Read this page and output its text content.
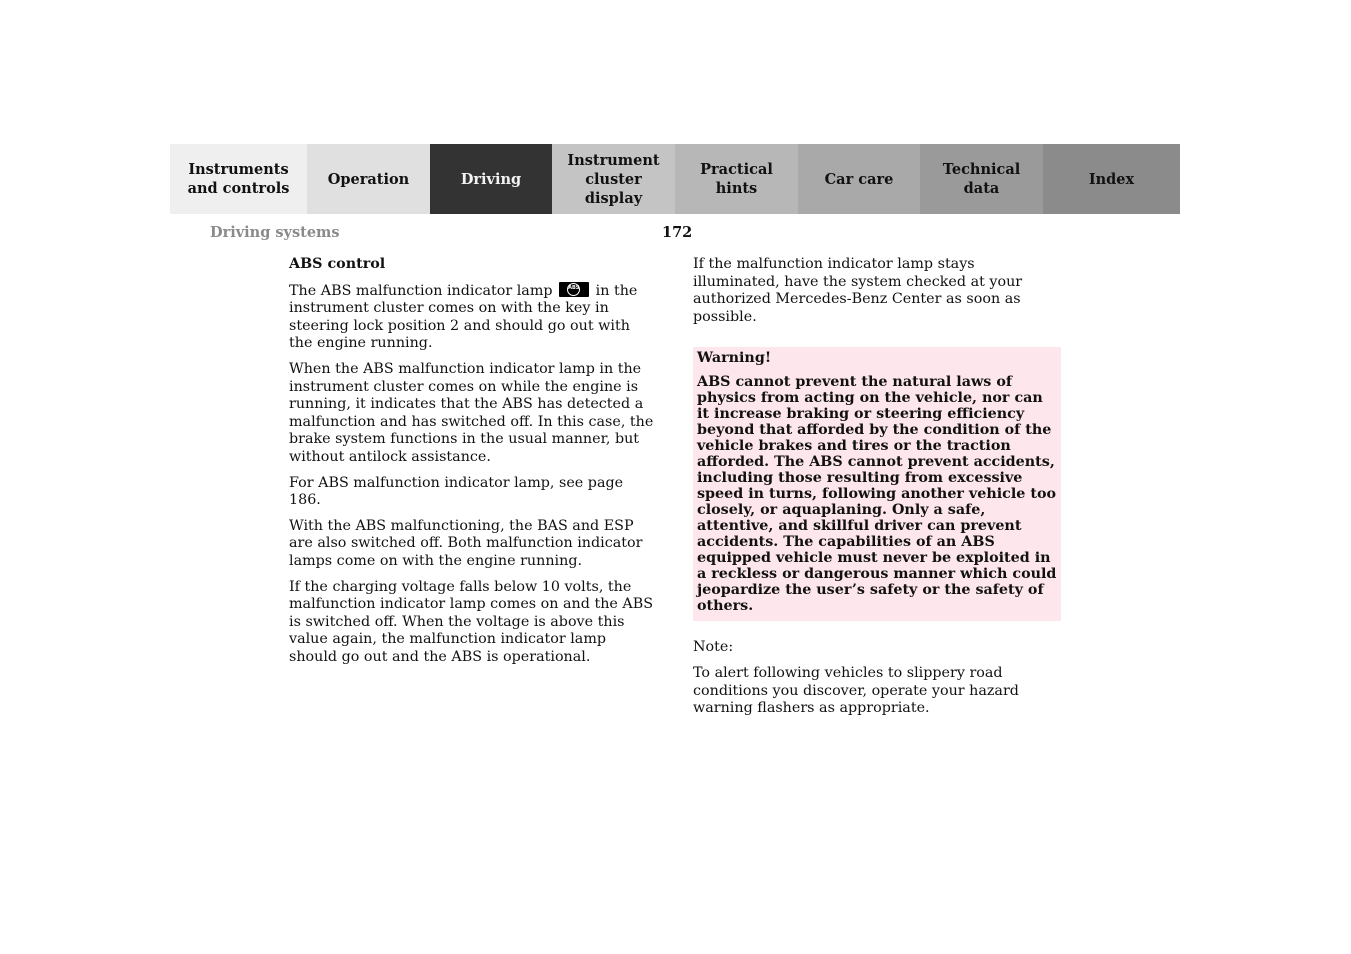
Instruments
and controls
Operation	Driving
Instrument
cluster display
Practical hints
Car care
Technical
data
Index
Driving systems	172
ABS control

The ABS malfunction indicator lamp ABS	in the instrument cluster comes on with the key in steering lock position 2 and should go out with the engine running.

When the ABS malfunction indicator lamp in the instrument cluster comes on while the engine is running, it indicates that the ABS has detected a malfunction and has switched off. In this case, the brake system functions in the usual manner, but without antilock assistance.

For ABS malfunction indicator lamp, see page 186.

With the ABS malfunctioning, the BAS and ESP are also switched off. Both malfunction indicator lamps come on with the engine running.

If the charging voltage falls below 10 volts, the malfunction indicator lamp comes on and the ABS is switched off. When the voltage is above this value again, the malfunction indicator lamp should go out and the ABS is operational.

If the malfunction indicator lamp stays illuminated, have the system checked at your authorized Mercedes-Benz Center as soon as possible.

Warning!
ABS cannot prevent the natural laws of physics from acting on the vehicle, nor can it increase braking or steering efficiency beyond that afforded by the condition of the vehicle brakes and tires or the traction afforded. The ABS cannot prevent accidents, including those resulting from excessive speed in turns, following another vehicle too closely, or aquaplaning. Only a safe, attentive, and skillful driver can prevent accidents. The capabilities of an ABS equipped vehicle must never be exploited in a reckless or dangerous manner which could jeopardize the user’s safety or the safety of others.

Note:

To alert following vehicles to slippery road conditions you discover, operate your hazard warning flashers as appropriate.
